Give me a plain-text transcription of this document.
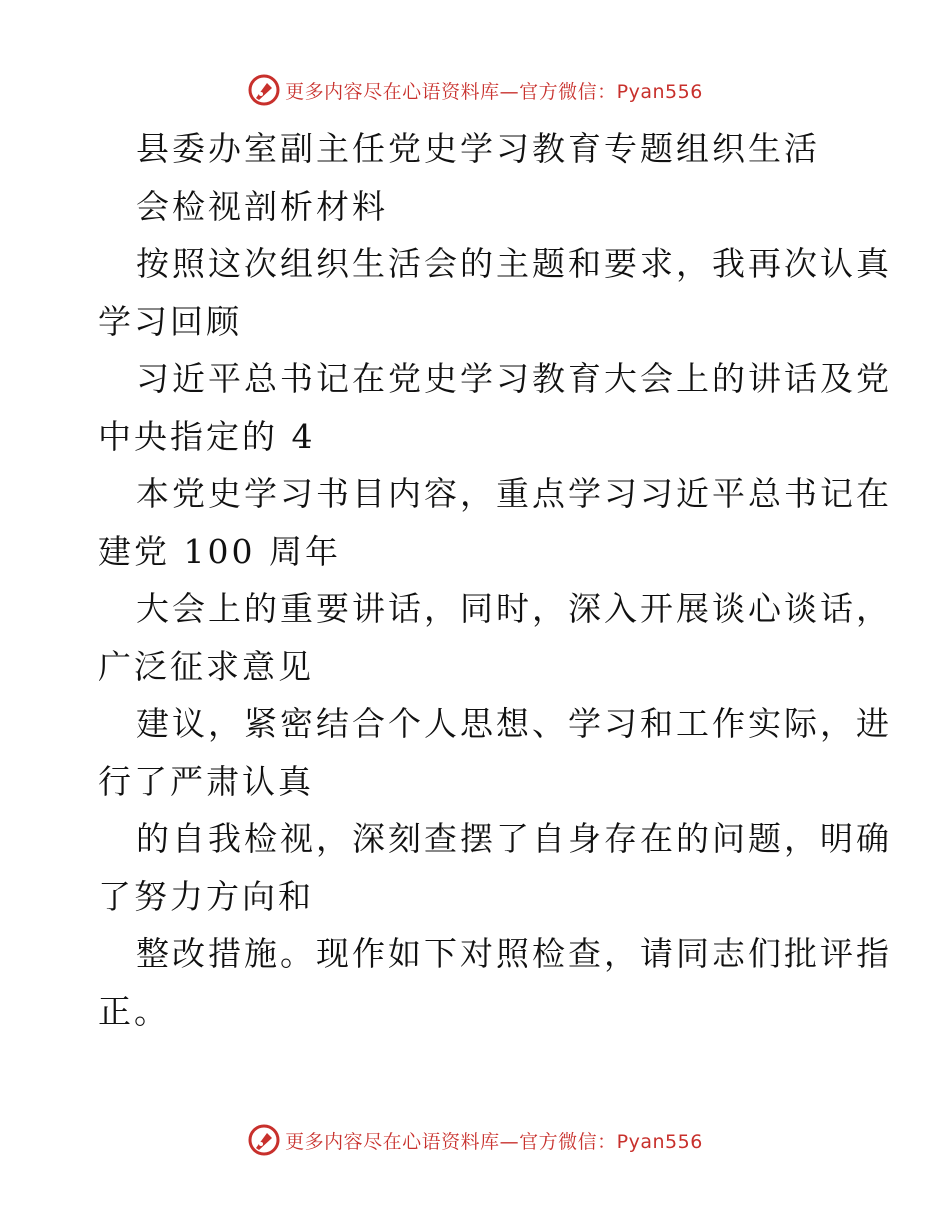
更多内容尽在心语资料库—官方微信：Pyan556
县委办室副主任党史学习教育专题组织生活
会检视剖析材料
按照这次组织生活会的主题和要求，我再次认真
学习回顾
习近平总书记在党史学习教育大会上的讲话及党
中央指定的 4
本党史学习书目内容，重点学习习近平总书记在
建党 100 周年
大会上的重要讲话，同时，深入开展谈心谈话，
广泛征求意见
建议，紧密结合个人思想、学习和工作实际，进
行了严肃认真
的自我检视，深刻查摆了自身存在的问题，明确
了努力方向和
整改措施。现作如下对照检查，请同志们批评指
正。
更多内容尽在心语资料库—官方微信：Pyan556
